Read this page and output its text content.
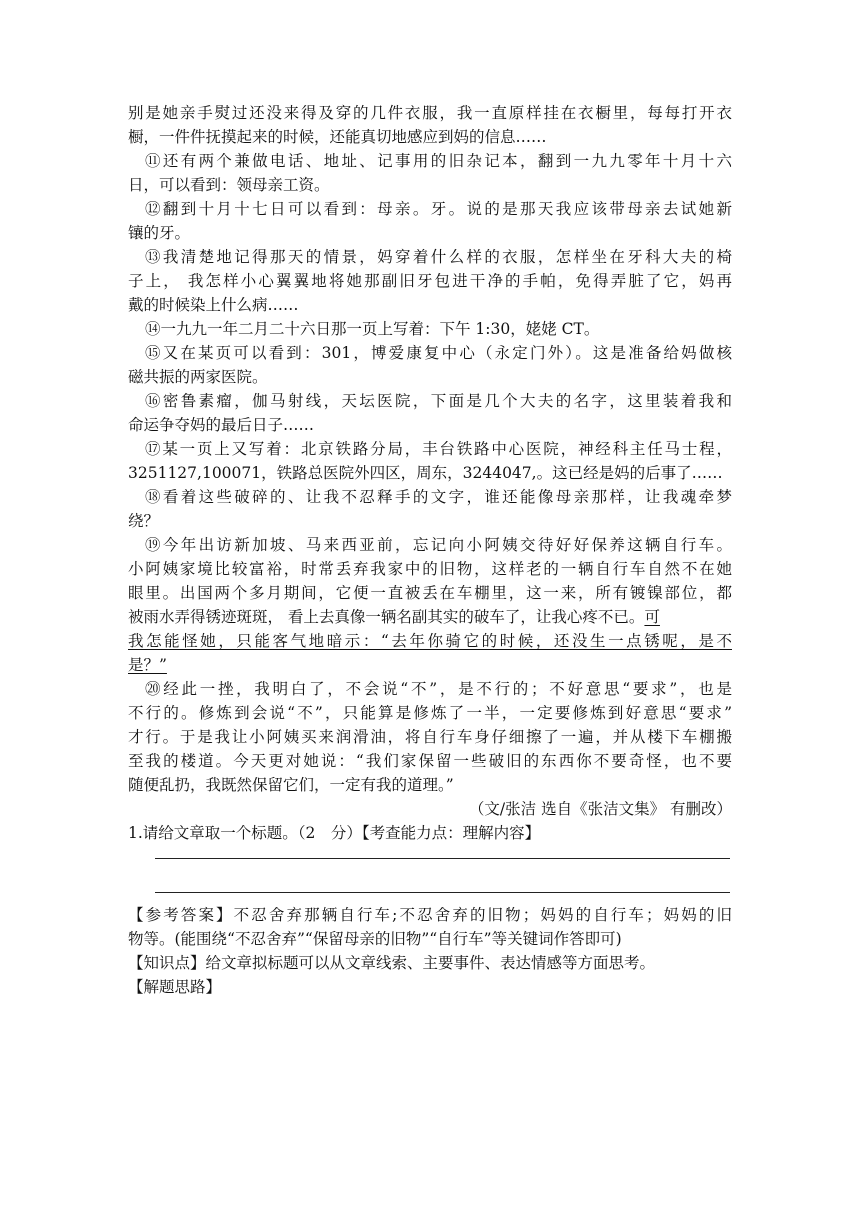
别是她亲手熨过还没来得及穿的几件衣服，我一直原样挂在衣橱里，每每打开衣
橱，一件件抚摸起来的时候，还能真切地感应到妈的信息……
⑪还有两个兼做电话、地址、记事用的旧杂记本，翻到一九九零年十月十六
日，可以看到：领母亲工资。
⑫翻到十月十七日可以看到：母亲。牙。说的是那天我应该带母亲去试她新
镶的牙。
⑬我清楚地记得那天的情景，妈穿着什么样的衣服，怎样坐在牙科大夫的椅
子上， 我怎样小心翼翼地将她那副旧牙包进干净的手帕，免得弄脏了它，妈再
戴的时候染上什么病……
⑭一九九一年二月二十六日那一页上写着：下午 1:30，姥姥 CT。
⑮又在某页可以看到：301，博爱康复中心（永定门外）。这是准备给妈做核
磁共振的两家医院。
⑯密鲁素瘤，伽马射线，天坛医院，下面是几个大夫的名字，这里装着我和
命运争夺妈的最后日子……
⑰某一页上又写着：北京铁路分局，丰台铁路中心医院，神经科主任马士程，
3251127,100071，铁路总医院外四区，周东，3244047,。这已经是妈的后事了……
⑱看着这些破碎的、让我不忍释手的文字，谁还能像母亲那样，让我魂牵梦
绕？
⑲今年出访新加坡、马来西亚前，忘记向小阿姨交待好好保养这辆自行车。
小阿姨家境比较富裕，时常丢弃我家中的旧物，这样老的一辆自行车自然不在她
眼里。出国两个多月期间，它便一直被丢在车棚里，这一来，所有镀镍部位，都
被雨水弄得锈迹斑斑， 看上去真像一辆名副其实的破车了，让我心疼不已。可
我怎能怪她，只能客气地暗示：“去年你骑它的时候，还没生一点锈呢，是不
是？”
⑳经此一挫，我明白了，不会说“不”，是不行的；不好意思“要求”，也是
不行的。修炼到会说“不”，只能算是修炼了一半，一定要修炼到好意思“要求”
才行。于是我让小阿姨买来润滑油，将自行车身仔细擦了一遍，并从楼下车棚搬
至我的楼道。今天更对她说：“我们家保留一些破旧的东西你不要奇怪，也不要
随便乱扔，我既然保留它们，一定有我的道理。”
（文/张洁 选自《张洁文集》 有删改）
1.请给文章取一个标题。（2　分）【考查能力点：理解内容】
【参考答案】不忍舍弃那辆自行车;不忍舍弃的旧物；妈妈的自行车；妈妈的旧
物等。(能围绕“不忍舍弃”“保留母亲的旧物”“自行车”等关键词作答即可)
【知识点】给文章拟标题可以从文章线索、主要事件、表达情感等方面思考。
【解题思路】
